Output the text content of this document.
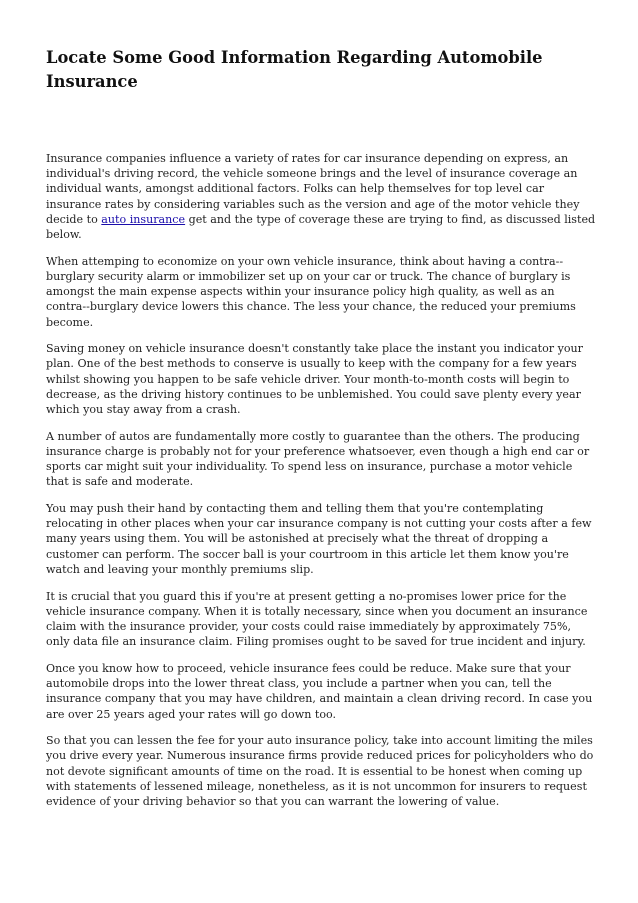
Locate Some Good Information Regarding Automobile Insurance

Insurance companies influence a variety of rates for car insurance depending on express, an individual's driving record, the vehicle someone brings and the level of insurance coverage an individual wants, amongst additional factors. Folks can help themselves for top level car insurance rates by considering variables such as the version and age of the motor vehicle they decide to auto insurance get and the type of coverage these are trying to find, as discussed listed below.

When attemping to economize on your own vehicle insurance, think about having a contra--burglary security alarm or immobilizer set up on your car or truck. The chance of burglary is amongst the main expense aspects within your insurance policy high quality, as well as an contra--burglary device lowers this chance. The less your chance, the reduced your premiums become.

Saving money on vehicle insurance doesn't constantly take place the instant you indicator your plan. One of the best methods to conserve is usually to keep with the company for a few years whilst showing you happen to be safe vehicle driver. Your month-to-month costs will begin to decrease, as the driving history continues to be unblemished. You could save plenty every year which you stay away from a crash.

A number of autos are fundamentally more costly to guarantee than the others. The producing insurance charge is probably not for your preference whatsoever, even though a high end car or sports car might suit your individuality. To spend less on insurance, purchase a motor vehicle that is safe and moderate.

You may push their hand by contacting them and telling them that you're contemplating relocating in other places when your car insurance company is not cutting your costs after a few many years using them. You will be astonished at precisely what the threat of dropping a customer can perform. The soccer ball is your courtroom in this article let them know you're watch and leaving your monthly premiums slip.

It is crucial that you guard this if you're at present getting a no-promises lower price for the vehicle insurance company. When it is totally necessary, since when you document an insurance claim with the insurance provider, your costs could raise immediately by approximately 75%, only data file an insurance claim. Filing promises ought to be saved for true incident and injury.

Once you know how to proceed, vehicle insurance fees could be reduce. Make sure that your automobile drops into the lower threat class, you include a partner when you can, tell the insurance company that you may have children, and maintain a clean driving record. In case you are over 25 years aged your rates will go down too.

So that you can lessen the fee for your auto insurance policy, take into account limiting the miles you drive every year. Numerous insurance firms provide reduced prices for policyholders who do not devote significant amounts of time on the road. It is essential to be honest when coming up with statements of lessened mileage, nonetheless, as it is not uncommon for insurers to request evidence of your driving behavior so that you can warrant the lowering of value.
